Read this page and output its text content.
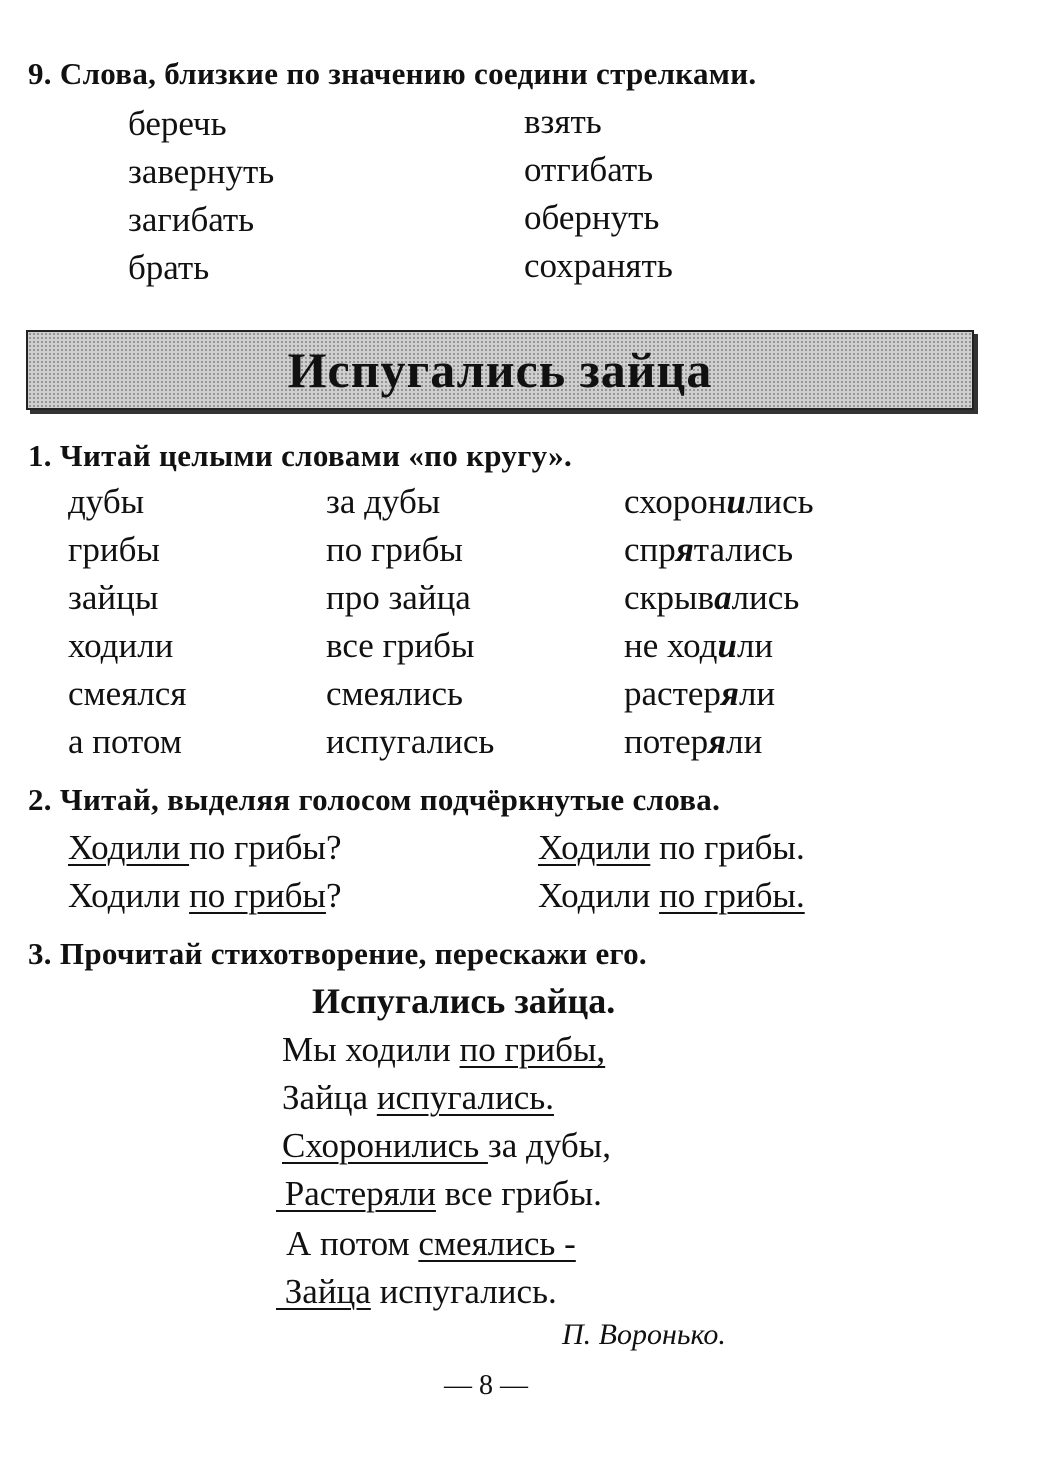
9. Слова, близкие по значению соедини стрелками.
беречь
завернуть
загибать
брать
взять
отгибать
обернуть
сохранять
Испугались зайца
1. Читай целыми словами «по кругу».
дубы
грибы
зайцы
ходили
смеялся
а потом
за дубы
по грибы
про зайца
все грибы
смеялись
испугались
схоронились
спрятались
скрывались
не ходили
растеряли
потеряли
2. Читай, выделяя голосом подчёркнутые слова.
Ходили по грибы?	Ходили по грибы.
Ходили по грибы?	Ходили по грибы.
3. Прочитай стихотворение, перескажи его.
Испугались зайца.
Мы ходили по грибы,
Зайца испугались.
Схоронились за дубы,
Растеряли все грибы.
А потом смеялись -
Зайца испугались.
П. Воронько.
— 8 —
